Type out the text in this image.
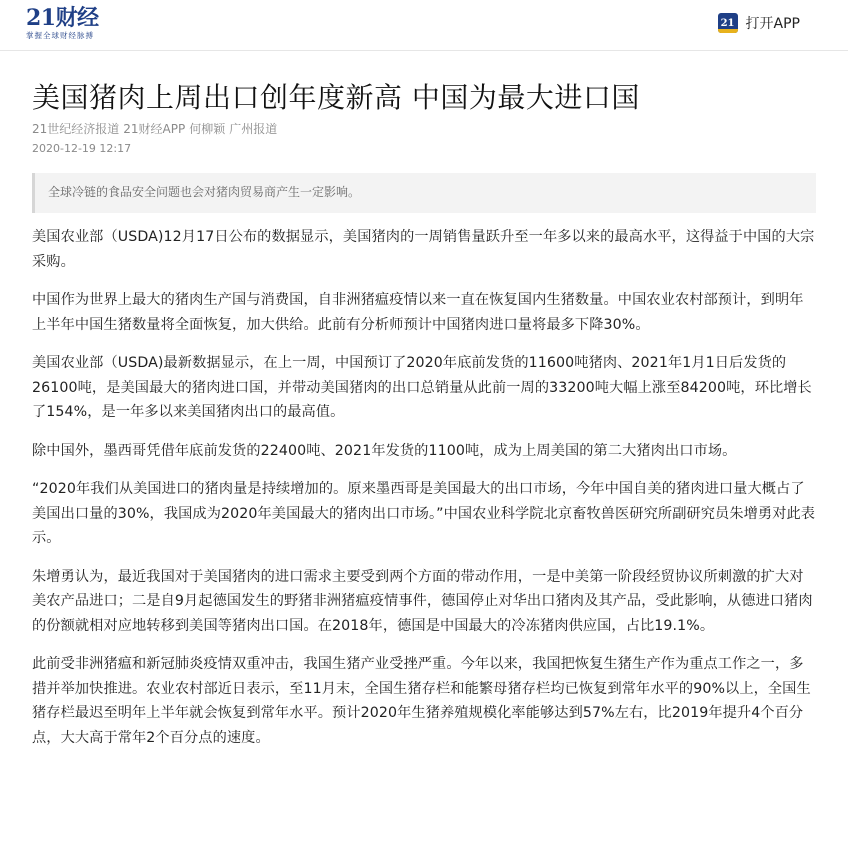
21财经
掌握全球财经脉搏
21 打开APP
美国猪肉上周出口创年度新高 中国为最大进口国
21世纪经济报道 21财经APP 何柳颖 广州报道
2020-12-19 12:17
全球冷链的食品安全问题也会对猪肉贸易商产生一定影响。

美国农业部（USDA)12月17日公布的数据显示，美国猪肉的一周销售量跃升至一年多以来的最高水平，这得益于中国的大宗采购。

中国作为世界上最大的猪肉生产国与消费国，自非洲猪瘟疫情以来一直在恢复国内生猪数量。中国农业农村部预计，到明年上半年中国生猪数量将全面恢复，加大供给。此前有分析师预计中国猪肉进口量将最多下降30%。

美国农业部（USDA)最新数据显示，在上一周，中国预订了2020年底前发货的11600吨猪肉、2021年1月1日后发货的26100吨，是美国最大的猪肉进口国，并带动美国猪肉的出口总销量从此前一周的33200吨大幅上涨至84200吨，环比增长了154%，是一年多以来美国猪肉出口的最高值。

除中国外，墨西哥凭借年底前发货的22400吨、2021年发货的1100吨，成为上周美国的第二大猪肉出口市场。

“2020年我们从美国进口的猪肉量是持续增加的。原来墨西哥是美国最大的出口市场，今年中国自美的猪肉进口量大概占了美国出口量的30%，我国成为2020年美国最大的猪肉出口市场。”中国农业科学院北京畜牧兽医研究所副研究员朱增勇对此表示。

朱增勇认为，最近我国对于美国猪肉的进口需求主要受到两个方面的带动作用，一是中美第一阶段经贸协议所刺激的扩大对美农产品进口；二是自9月起德国发生的野猪非洲猪瘟疫情事件，德国停止对华出口猪肉及其产品，受此影响，从德进口猪肉的份额就相对应地转移到美国等猪肉出口国。在2018年，德国是中国最大的冷冻猪肉供应国，占比19.1%。

此前受非洲猪瘟和新冠肺炎疫情双重冲击，我国生猪产业受挫严重。今年以来，我国把恢复生猪生产作为重点工作之一，多措并举加快推进。农业农村部近日表示，至11月末，全国生猪存栏和能繁母猪存栏均已恢复到常年水平的90%以上，全国生猪存栏最迟至明年上半年就会恢复到常年水平。预计2020年生猪养殖规模化率能够达到57%左右，比2019年提升4个百分点，大大高于常年2个百分点的速度。
